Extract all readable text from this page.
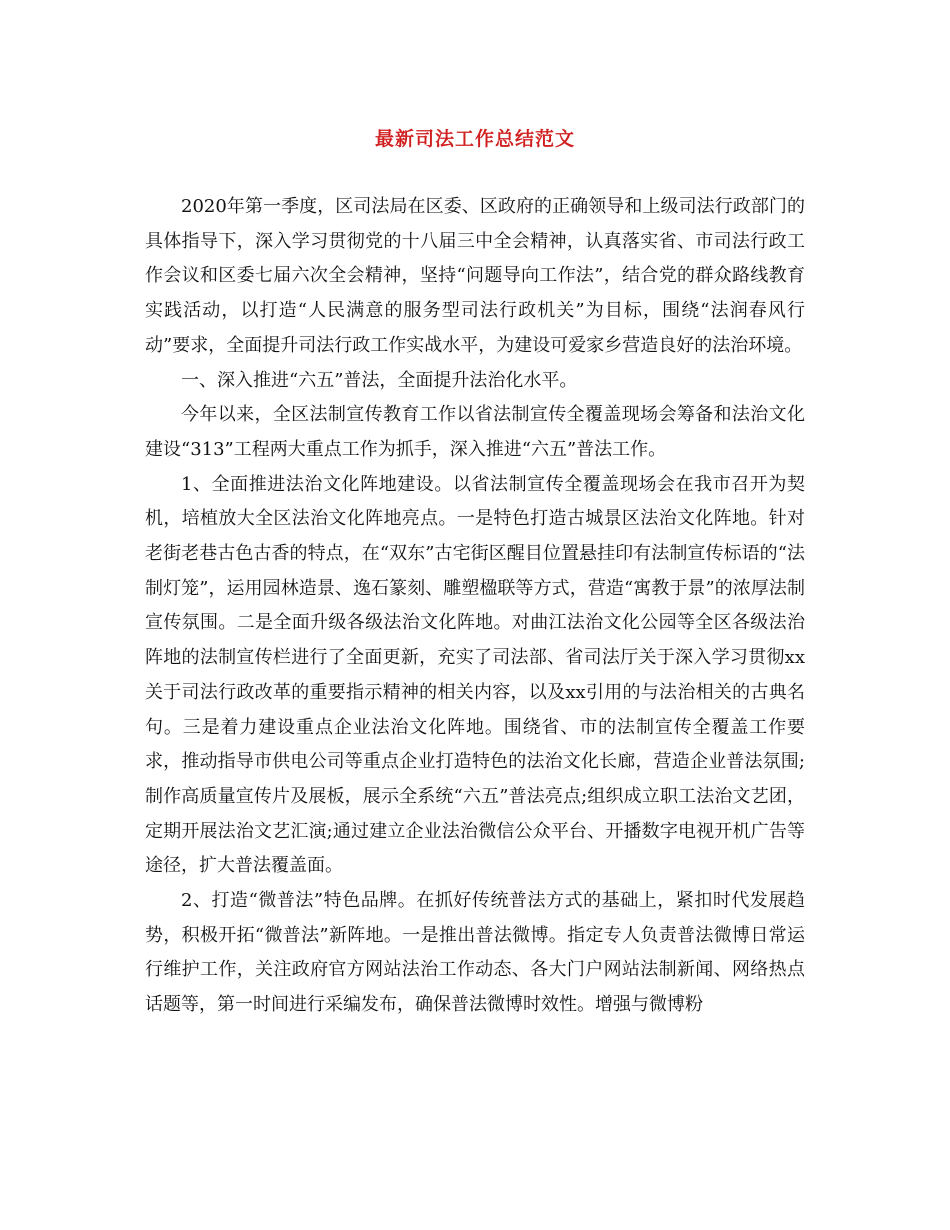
最新司法工作总结范文

2020年第一季度，区司法局在区委、区政府的正确领导和上级司法行政部门的具体指导下，深入学习贯彻党的十八届三中全会精神，认真落实省、市司法行政工作会议和区委七届六次全会精神，坚持“问题导向工作法”，结合党的群众路线教育实践活动，以打造“人民满意的服务型司法行政机关”为目标，围绕“法润春风行动”要求，全面提升司法行政工作实战水平，为建设可爱家乡营造良好的法治环境。

一、深入推进“六五”普法，全面提升法治化水平。

今年以来，全区法制宣传教育工作以省法制宣传全覆盖现场会筹备和法治文化建设“313”工程两大重点工作为抓手，深入推进“六五”普法工作。

1、全面推进法治文化阵地建设。以省法制宣传全覆盖现场会在我市召开为契机，培植放大全区法治文化阵地亮点。一是特色打造古城景区法治文化阵地。针对老街老巷古色古香的特点，在“双东”古宅街区醒目位置悬挂印有法制宣传标语的“法制灯笼”，运用园林造景、逸石篆刻、雕塑楹联等方式，营造“寓教于景”的浓厚法制宣传氛围。二是全面升级各级法治文化阵地。对曲江法治文化公园等全区各级法治阵地的法制宣传栏进行了全面更新，充实了司法部、省司法厅关于深入学习贯彻xx关于司法行政改革的重要指示精神的相关内容，以及xx引用的与法治相关的古典名句。三是着力建设重点企业法治文化阵地。围绕省、市的法制宣传全覆盖工作要求，推动指导市供电公司等重点企业打造特色的法治文化长廊，营造企业普法氛围;制作高质量宣传片及展板，展示全系统“六五”普法亮点;组织成立职工法治文艺团，定期开展法治文艺汇演;通过建立企业法治微信公众平台、开播数字电视开机广告等途径，扩大普法覆盖面。

2、打造“微普法”特色品牌。在抓好传统普法方式的基础上，紧扣时代发展趋势，积极开拓“微普法”新阵地。一是推出普法微博。指定专人负责普法微博日常运行维护工作，关注政府官方网站法治工作动态、各大门户网站法制新闻、网络热点话题等，第一时间进行采编发布，确保普法微博时效性。增强与微博粉
